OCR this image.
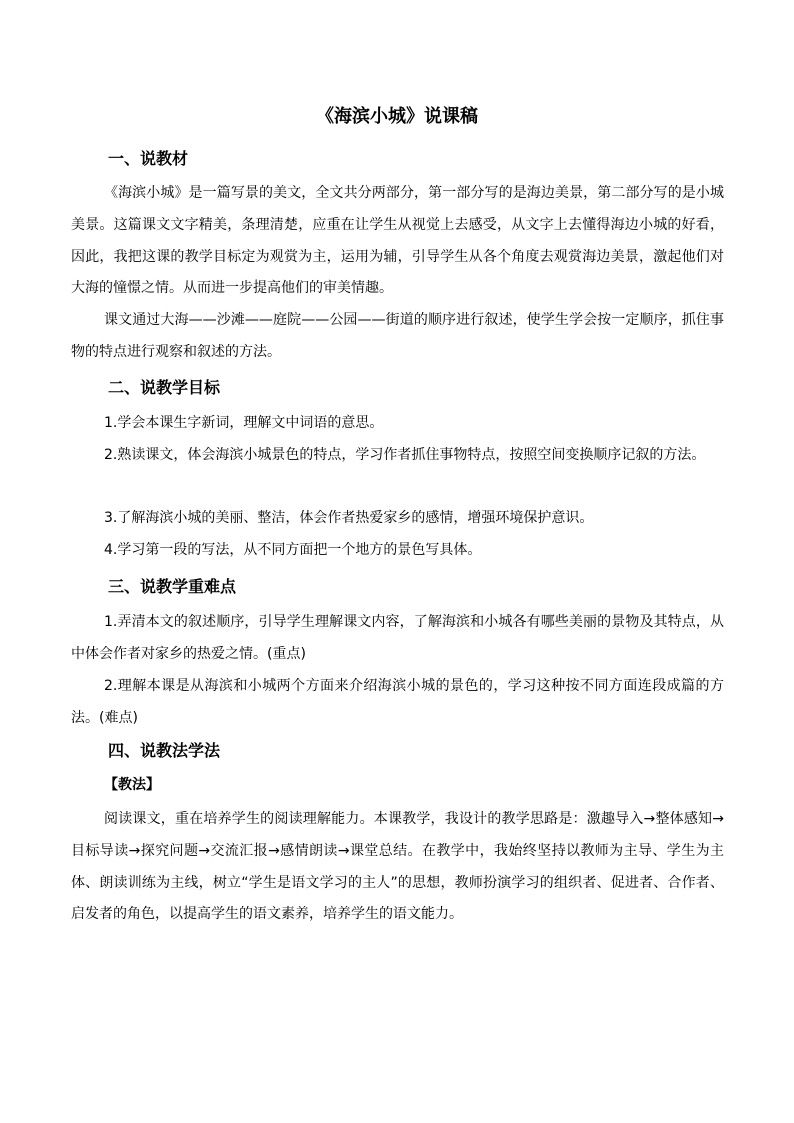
《海滨小城》说课稿
一、说教材
《海滨小城》是一篇写景的美文，全文共分两部分，第一部分写的是海边美景，第二部分写的是小城美景。这篇课文文字精美，条理清楚，应重在让学生从视觉上去感受，从文字上去懂得海边小城的好看，因此，我把这课的教学目标定为观赏为主，运用为辅，引导学生从各个角度去观赏海边美景，激起他们对大海的憧憬之情。从而进一步提高他们的审美情趣。
课文通过大海——沙滩——庭院——公园——街道的顺序进行叙述，使学生学会按一定顺序，抓住事物的特点进行观察和叙述的方法。
二、说教学目标
1.学会本课生字新词，理解文中词语的意思。
2.熟读课文，体会海滨小城景色的特点，学习作者抓住事物特点，按照空间变换顺序记叙的方法。
3.了解海滨小城的美丽、整洁，体会作者热爱家乡的感情，增强环境保护意识。
4.学习第一段的写法，从不同方面把一个地方的景色写具体。
三、说教学重难点
1.弄清本文的叙述顺序，引导学生理解课文内容，了解海滨和小城各有哪些美丽的景物及其特点，从中体会作者对家乡的热爱之情。(重点)
2.理解本课是从海滨和小城两个方面来介绍海滨小城的景色的，学习这种按不同方面连段成篇的方法。(难点)
四、说教法学法
【教法】
阅读课文，重在培养学生的阅读理解能力。本课教学，我设计的教学思路是：激趣导入→整体感知→目标导读→探究问题→交流汇报→感情朗读→课堂总结。在教学中，我始终坚持以教师为主导、学生为主体、朗读训练为主线，树立“学生是语文学习的主人”的思想，教师扮演学习的组织者、促进者、合作者、启发者的角色，以提高学生的语文素养，培养学生的语文能力。
